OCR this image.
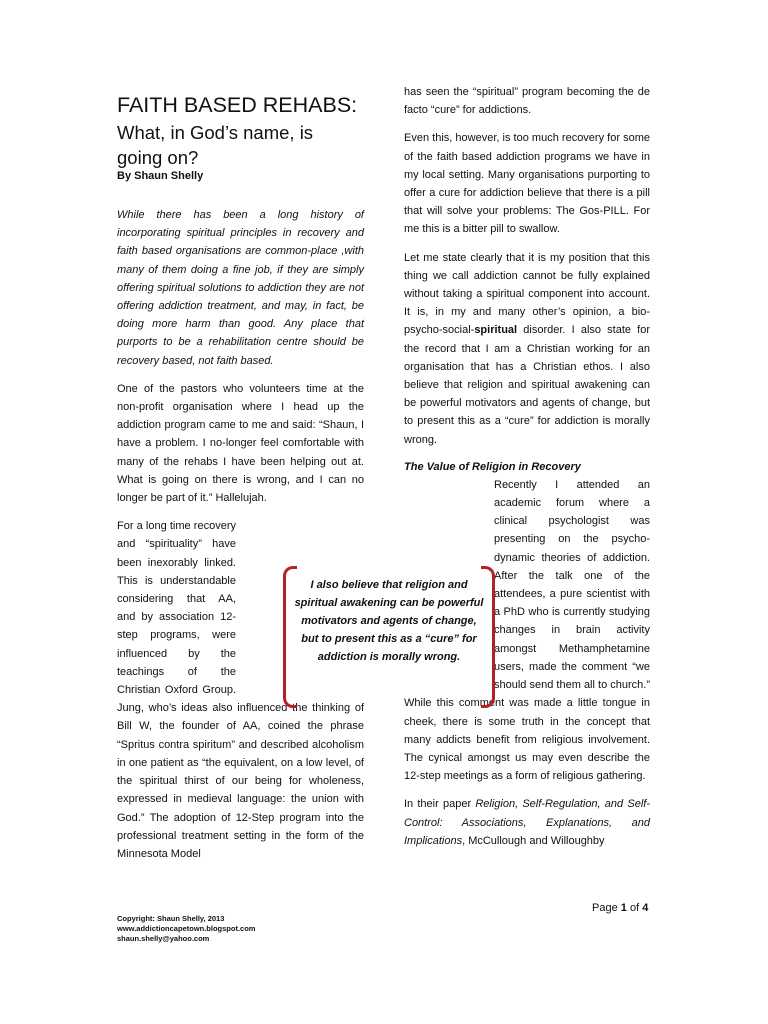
FAITH BASED REHABS:
What, in God’s name, is
going on?

By Shaun Shelly

While there has been a long history of incorporating spiritual principles in recovery and faith based organisations are common-place ,with many of them doing a fine job, if they are simply offering spiritual solutions to addiction they are not offering addiction treatment, and may, in fact, be doing more harm than good. Any place that purports to be a rehabilitation centre should be recovery based, not faith based.

One of the pastors who volunteers time at the non-profit organisation where I head up the addiction program came to me and said: “Shaun, I have a problem. I no-longer feel comfortable with many of the rehabs I have been helping out at. What is going on there is wrong, and I can no longer be part of it.” Hallelujah.

For a long time recovery and “spirituality” have been inexorably linked. This is understandable considering that AA, and by association 12-step programs, were influenced by the teachings of the Christian Oxford Group. Jung, who’s ideas also influenced the thinking of Bill W, the founder of AA, coined the phrase “Spritus contra spiritum” and described alcoholism in one patient as “the equivalent, on a low level, of the spiritual thirst of our being for wholeness, expressed in medieval language: the union with God.” The adoption of 12-Step program into the professional treatment setting in the form of the Minnesota Model

has seen the “spiritual” program becoming the de facto “cure” for addictions.

Even this, however, is too much recovery for some of the faith based addiction programs we have in my local setting. Many organisations purporting to offer a cure for addiction believe that there is a pill that will solve your problems: The Gos-PILL. For me this is a bitter pill to swallow.

Let me state clearly that it is my position that this thing we call addiction cannot be fully explained without taking a spiritual component into account. It is, in my and many other’s opinion, a bio-psycho-social-spiritual disorder. I also state for the record that I am a Christian working for an organisation that has a Christian ethos. I also believe that religion and spiritual awakening can be powerful motivators and agents of change, but to present this as a “cure” for addiction is morally wrong.

The Value of Religion in Recovery

Recently I attended an academic forum where a clinical psychologist was presenting on the psycho-dynamic theories of addiction. After the talk one of the attendees, a pure scientist with a PhD who is currently studying changes in brain activity amongst Methamphetamine users, made the comment “we should send them all to church.” While this comment was made a little tongue in cheek, there is some truth in the concept that many addicts benefit from religious involvement. The cynical amongst us may even describe the 12-step meetings as a form of religious gathering.

In their paper Religion, Self-Regulation, and Self-Control: Associations, Explanations, and Implications, McCullough and Willoughby

I also believe that religion and spiritual awakening can be powerful motivators and agents of change, but to present this as a “cure” for addiction is morally wrong.
Page 1 of 4
Copyright: Shaun Shelly, 2013
www.addictioncapetown.blogspot.com
shaun.shelly@yahoo.com
